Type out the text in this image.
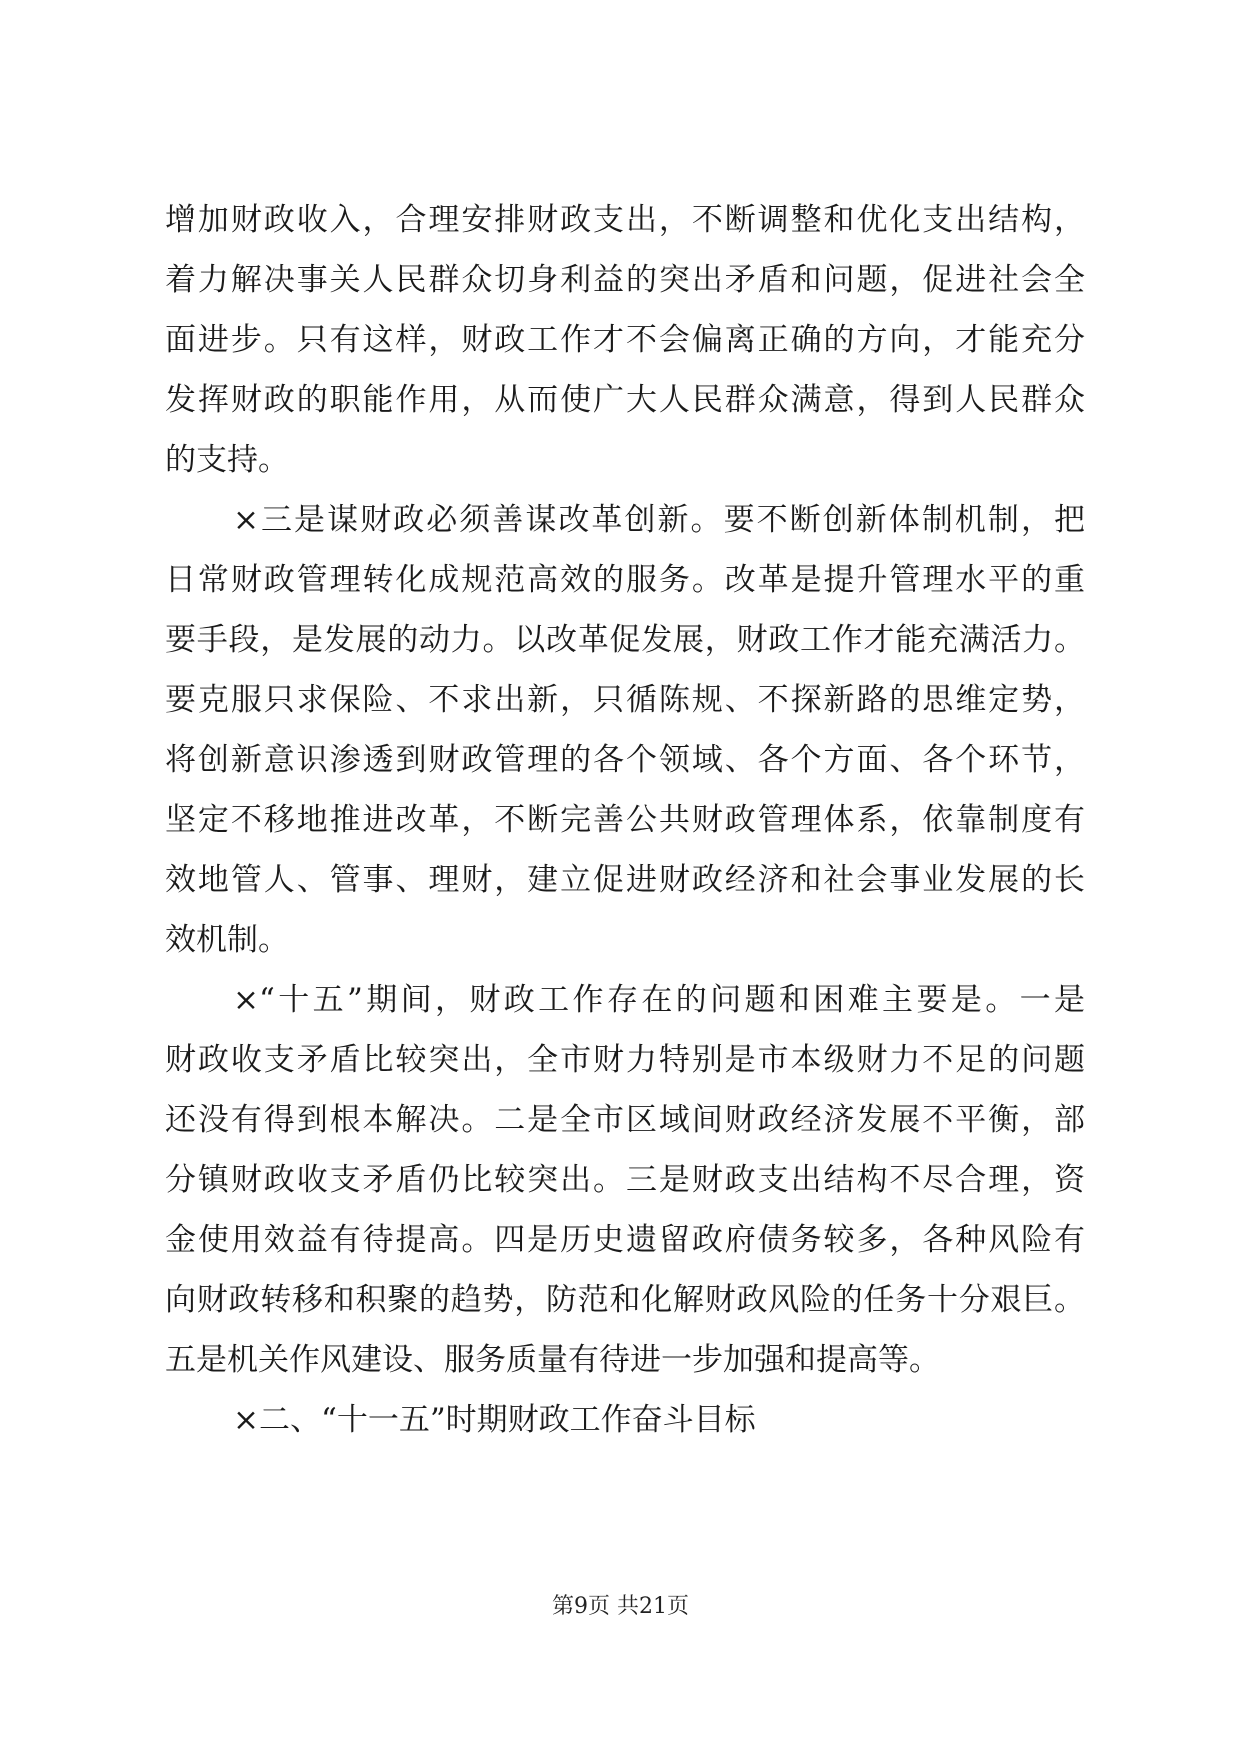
增加财政收入，合理安排财政支出，不断调整和优化支出结构，
着力解决事关人民群众切身利益的突出矛盾和问题，促进社会全
面进步。只有这样，财政工作才不会偏离正确的方向，才能充分
发挥财政的职能作用，从而使广大人民群众满意，得到人民群众
的支持。
×三是谋财政必须善谋改革创新。要不断创新体制机制，把
日常财政管理转化成规范高效的服务。改革是提升管理水平的重
要手段，是发展的动力。以改革促发展，财政工作才能充满活力。
要克服只求保险、不求出新，只循陈规、不探新路的思维定势，
将创新意识渗透到财政管理的各个领域、各个方面、各个环节，
坚定不移地推进改革，不断完善公共财政管理体系，依靠制度有
效地管人、管事、理财，建立促进财政经济和社会事业发展的长
效机制。
×“十五”期间，财政工作存在的问题和困难主要是。一是
财政收支矛盾比较突出，全市财力特别是市本级财力不足的问题
还没有得到根本解决。二是全市区域间财政经济发展不平衡，部
分镇财政收支矛盾仍比较突出。三是财政支出结构不尽合理，资
金使用效益有待提高。四是历史遗留政府债务较多，各种风险有
向财政转移和积聚的趋势，防范和化解财政风险的任务十分艰巨。
五是机关作风建设、服务质量有待进一步加强和提高等。
×二、“十一五”时期财政工作奋斗目标
第9页 共21页
